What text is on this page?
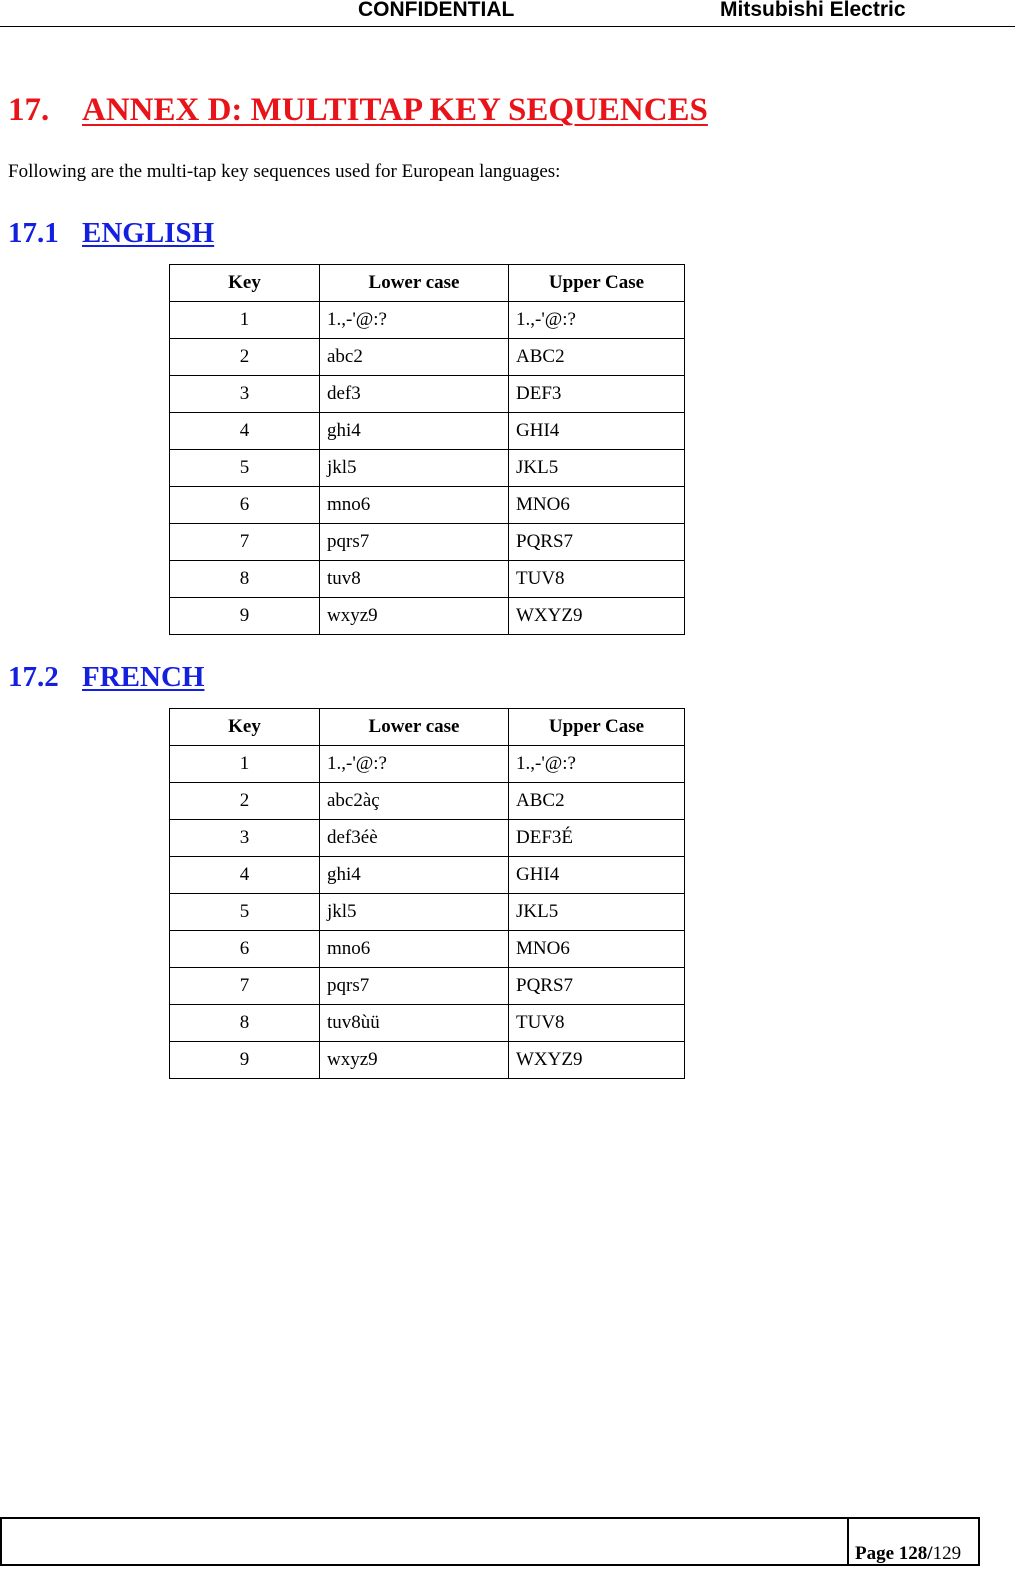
CONFIDENTIAL	Mitsubishi Electric
17. ANNEX D: MULTITAP KEY SEQUENCES

Following are the multi-tap key sequences used for European languages:

17.1 ENGLISH
Key	Lower case	Upper Case
1	1.,-'@:?	1.,-'@:?
2	abc2	ABC2
3	def3	DEF3
4	ghi4	GHI4
5	jkl5	JKL5
6	mno6	MNO6
7	pqrs7	PQRS7
8	tuv8	TUV8
9	wxyz9	WXYZ9
17.2 FRENCH
Key	Lower case	Upper Case
1	1.,-'@:?	1.,-'@:?
2	abc2àç	ABC2
3	def3éè	DEF3É
4	ghi4	GHI4
5	jkl5	JKL5
6	mno6	MNO6
7	pqrs7	PQRS7
8	tuv8ùü	TUV8
9	wxyz9	WXYZ9
Page 128/129
